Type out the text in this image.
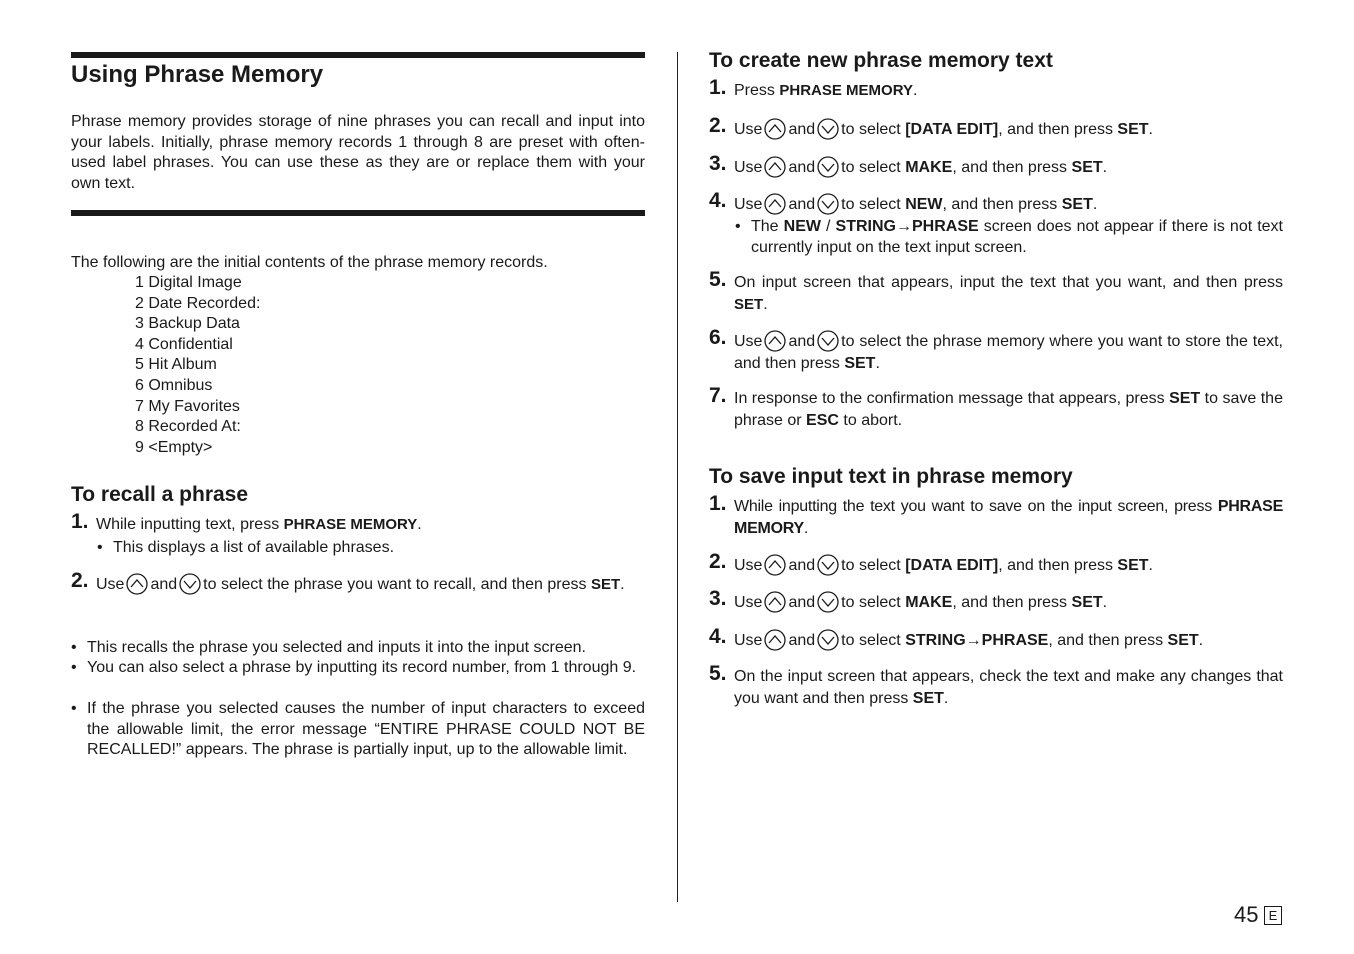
Using Phrase Memory

Phrase memory provides storage of nine phrases you can recall and input into your labels. Initially, phrase memory records 1 through 8 are preset with often-used label phrases. You can use these as they are or replace them with your own text.

The following are the initial contents of the phrase memory records.

1 Digital Image
2 Date Recorded:
3 Backup Data
4 Confidential
5 Hit Album
6 Omnibus
7 My Favorites
8 Recorded At:
9 <Empty>
To recall a phrase
1. While inputting text, press PHRASE MEMORY.
• This displays a list of available phrases.
2. Use and to select the phrase you want to recall, and then press SET.
• This recalls the phrase you selected and inputs it into the input screen.
• You can also select a phrase by inputting its record number, from 1 through 9.
• If the phrase you selected causes the number of input characters to exceed the allowable limit, the error message “ENTIRE PHRASE COULD NOT BE RECALLED!” appears. The phrase is partially input, up to the allowable limit.
To create new phrase memory text
1. Press PHRASE MEMORY.
2. Use and to select [DATA EDIT], and then press SET.
3. Use and to select MAKE, and then press SET.
4. Use and to select NEW, and then press SET.
• The NEW / STRING→PHRASE screen does not appear if there is not text currently input on the text input screen.
5. On input screen that appears, input the text that you want, and then press SET.
6. Use and to select the phrase memory where you want to store the text, and then press SET.
7. In response to the confirmation message that appears, press SET to save the phrase or ESC to abort.
To save input text in phrase memory
1. While inputting the text you want to save on the input screen, press PHRASE MEMORY.
2. Use and to select [DATA EDIT], and then press SET.
3. Use and to select MAKE, and then press SET.
4. Use and to select STRING→PHRASE, and then press SET.
5. On the input screen that appears, check the text and make any changes that you want and then press SET.
45 E
